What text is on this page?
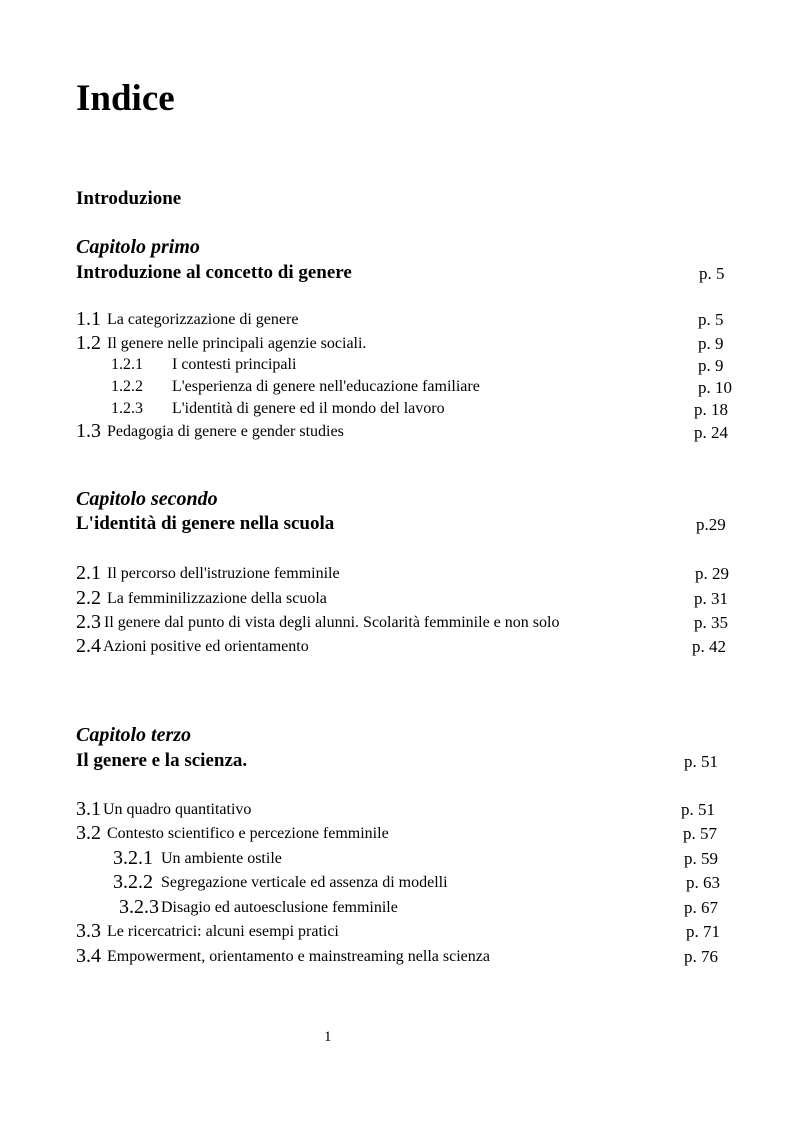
Indice
Introduzione
Capitolo primo
Introduzione al concetto di genere	p. 5
1.1 La categorizzazione di genere	p. 5
1.2 Il genere nelle principali agenzie sociali.	p. 9
1.2.1 I contesti principali	p. 9
1.2.2 L'esperienza di genere nell'educazione familiare	p. 10
1.2.3 L'identità di genere ed il mondo del lavoro	p. 18
1.3 Pedagogia di genere e gender studies	p. 24
Capitolo secondo
L'identità di genere nella scuola	p.29
2.1 Il percorso dell'istruzione femminile	p. 29
2.2 La femminilizzazione della scuola	p. 31
2.3 Il genere dal punto di vista degli alunni. Scolarità femminile e non solo	p. 35
2.4 Azioni positive ed orientamento	p. 42
Capitolo terzo
Il genere e la scienza.	p. 51
3.1 Un quadro quantitativo	p. 51
3.2 Contesto scientifico e percezione femminile	p. 57
3.2.1 Un ambiente ostile	p. 59
3.2.2 Segregazione verticale ed assenza di modelli	p. 63
3.2.3 Disagio ed autoesclusione femminile	p. 67
3.3 Le ricercatrici: alcuni esempi pratici	p. 71
3.4 Empowerment, orientamento e mainstreaming nella scienza	p. 76
1
